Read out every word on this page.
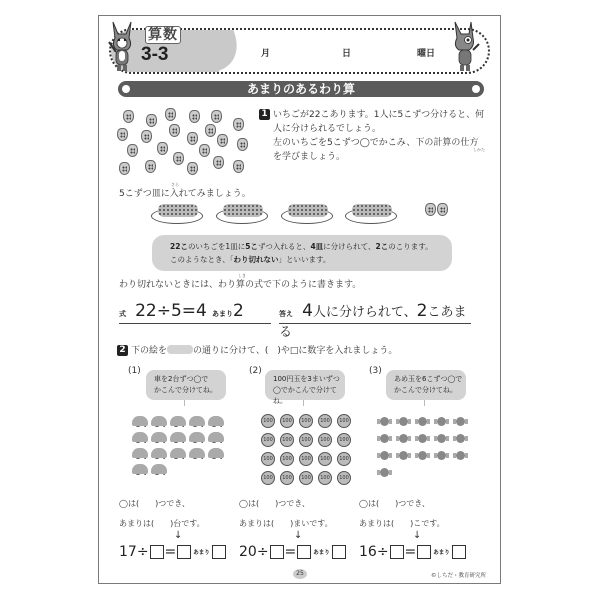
算数
3-3	月	日	曜日
あまりのあるわり算
1 いちごが22こあります。1人に5こずつ分けると、何
人に分けられるでしょう。
左のいちごを5こずつ◯でかこみ、下の計算の仕方
を学びましょう。
しかた
5こずつ皿に入れてみましょう。
さら
22このいちごを1皿に5こずつ入れると、4皿に分けられて、2このこります。
このようなとき、「わり切れない」といいます。
わり切れないときには、わり算の式で下のように書きます。
しき
式 22÷5=4 あまり2	答え 4人に分けられて、2こあまる
2 下の絵を	の通りに分けて、(　)や□に数字を入れましょう。
(1)
車を2台ずつ◯で
かこんで分けてね。
(2)
100円玉を3まいずつ
◯でかこんで分けてね。
100	100	100	100	100
100	100	100	100	100
100	100	100	100	100
100	100	100	100	100
(3)
あめ玉を6こずつ◯で
かこんで分けてね。
◯は(　　)つでき、
あまりは(　　)台です。
◯は(　　)つでき、
あまりは(　　)まいです。
◯は(　　)つでき、
あまりは(　　)こです。
↓	↓	↓
17÷ =	あまり 20÷ =	あまり 16÷ =	あまり
25	©しちだ・教育研究所
